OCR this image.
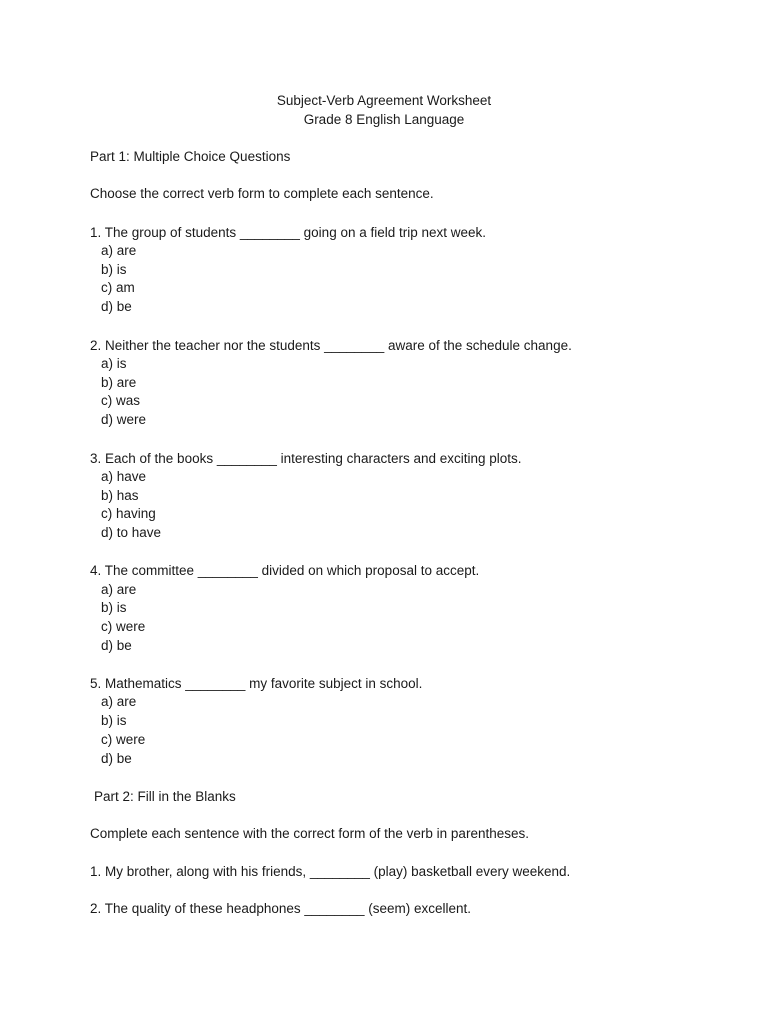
Subject-Verb Agreement Worksheet
Grade 8 English Language
Part 1: Multiple Choice Questions
Choose the correct verb form to complete each sentence.
1. The group of students ________ going on a field trip next week.
a) are
b) is
c) am
d) be
2. Neither the teacher nor the students ________ aware of the schedule change.
a) is
b) are
c) was
d) were
3. Each of the books ________ interesting characters and exciting plots.
a) have
b) has
c) having
d) to have
4. The committee ________ divided on which proposal to accept.
a) are
b) is
c) were
d) be
5. Mathematics ________ my favorite subject in school.
a) are
b) is
c) were
d) be
Part 2: Fill in the Blanks
Complete each sentence with the correct form of the verb in parentheses.
1. My brother, along with his friends, ________ (play) basketball every weekend.
2. The quality of these headphones ________ (seem) excellent.
